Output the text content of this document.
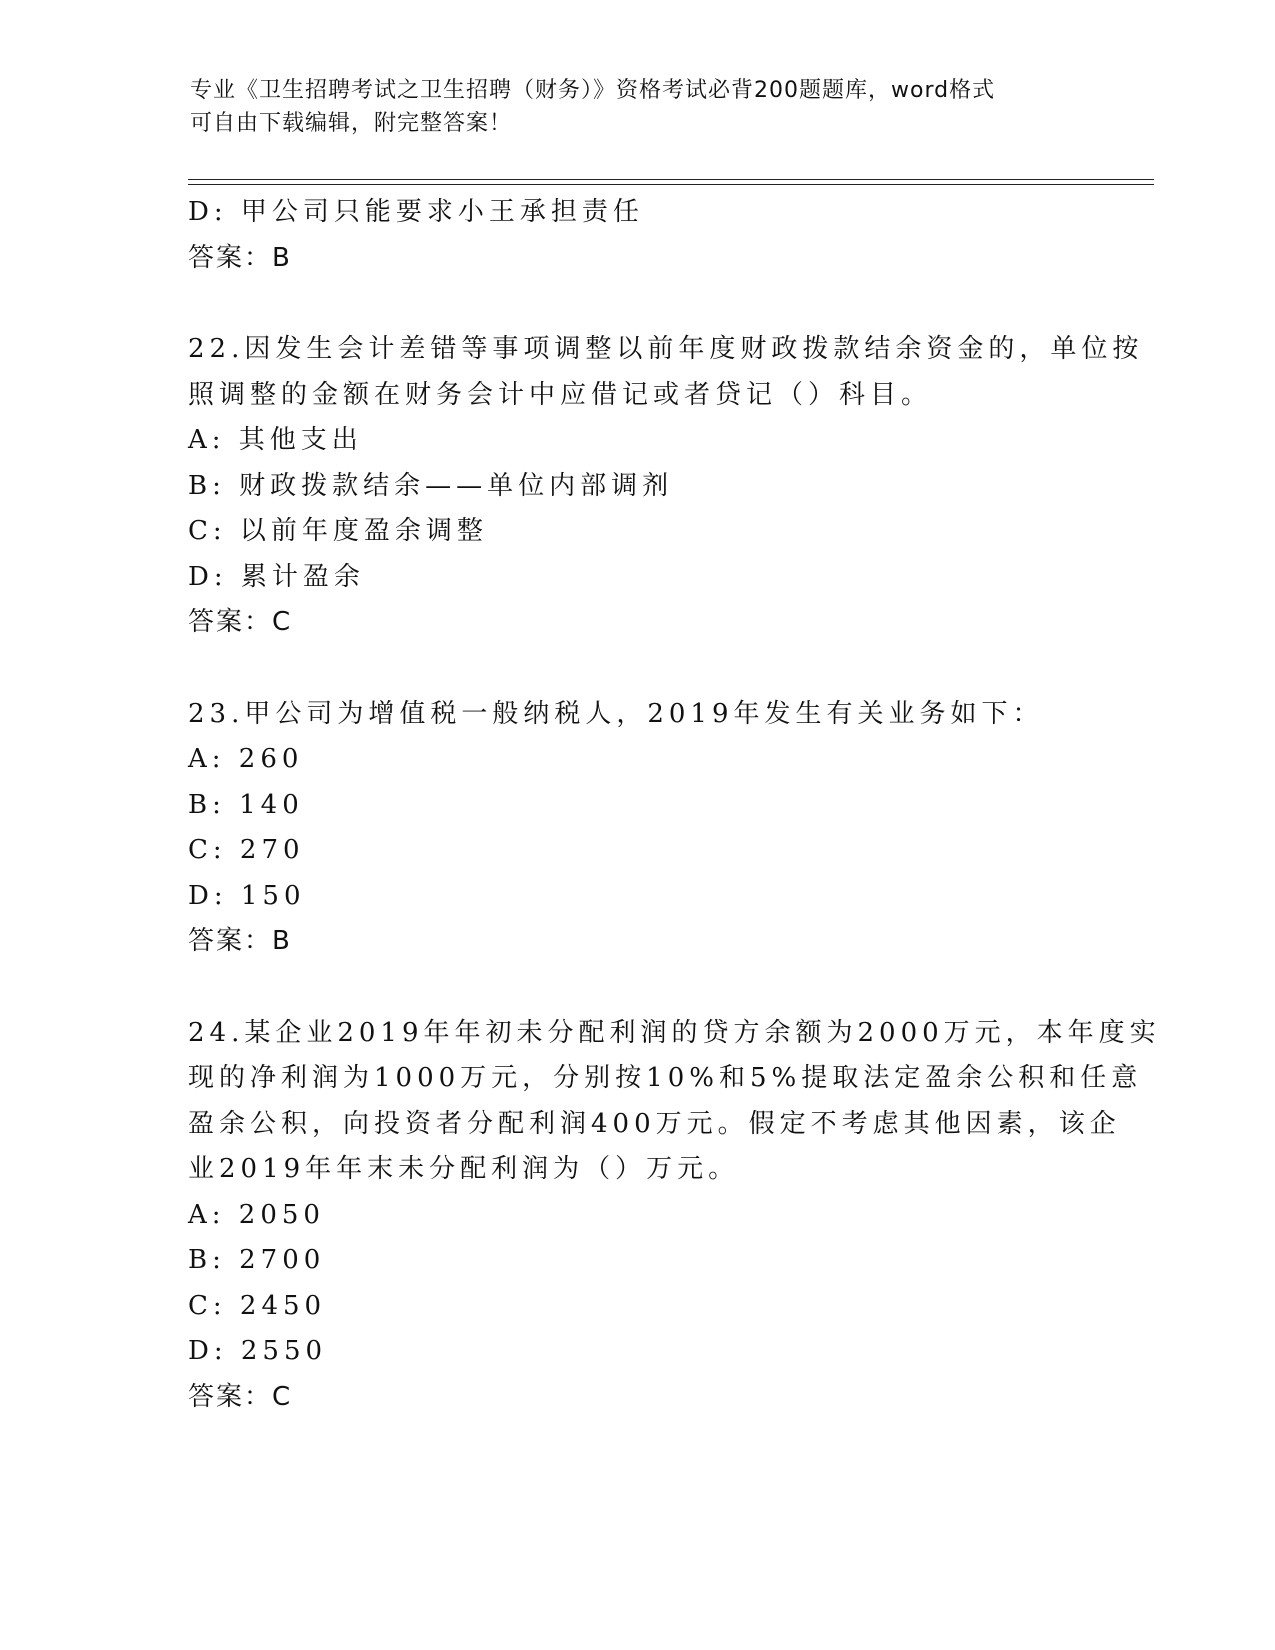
专业《卫生招聘考试之卫生招聘（财务）》资格考试必背200题题库，word格式
可自由下载编辑，附完整答案！
D: 甲公司只能要求小王承担责任
答案：B
22.因发生会计差错等事项调整以前年度财政拨款结余资金的，单位按
照调整的金额在财务会计中应借记或者贷记（）科目。
A: 其他支出
B: 财政拨款结余——单位内部调剂
C: 以前年度盈余调整
D: 累计盈余
答案：C
23.甲公司为增值税一般纳税人，2019年发生有关业务如下：
A: 260
B: 140
C: 270
D: 150
答案：B
24.某企业2019年年初未分配利润的贷方余额为2000万元，本年度实
现的净利润为1000万元，分别按10%和5%提取法定盈余公积和任意
盈余公积，向投资者分配利润400万元。假定不考虑其他因素，该企
业2019年年末未分配利润为（）万元。
A: 2050
B: 2700
C: 2450
D: 2550
答案：C
